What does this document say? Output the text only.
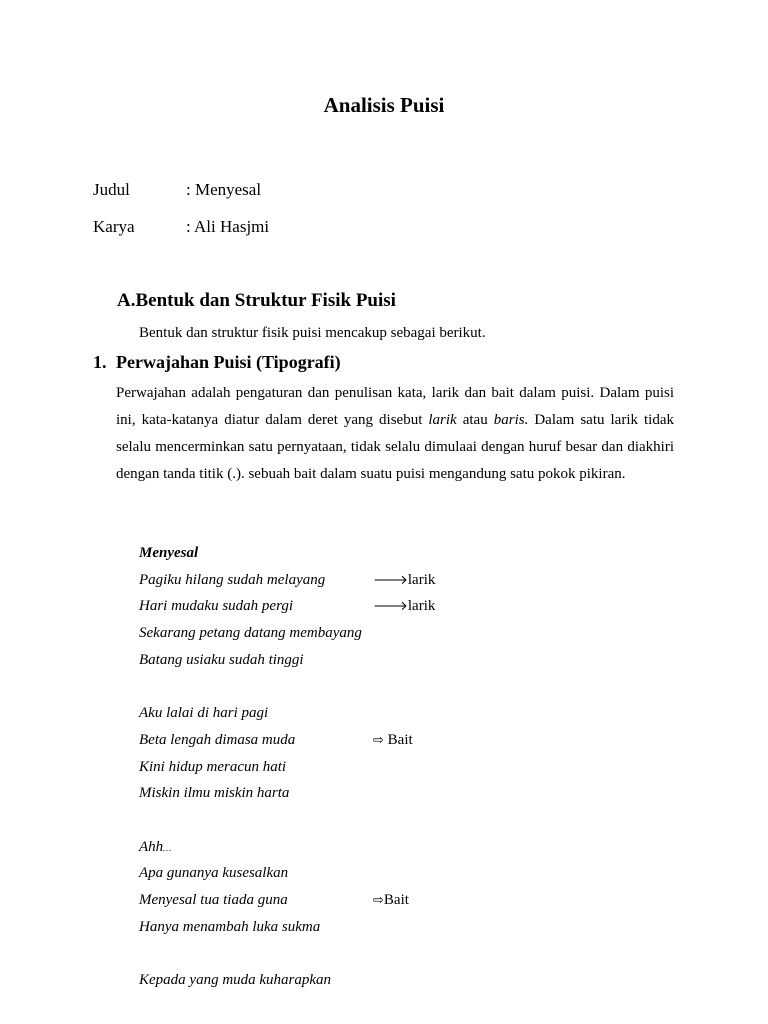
Analisis Puisi
Judul	: Menyesal
Karya	: Ali Hasjmi
A.Bentuk dan Struktur Fisik Puisi
Bentuk dan struktur fisik puisi mencakup sebagai berikut.
1. Perwajahan Puisi (Tipografi)
Perwajahan adalah pengaturan dan penulisan kata, larik dan bait dalam puisi. Dalam puisi ini, kata-katanya diatur dalam deret yang disebut larik atau baris. Dalam satu larik tidak selalu mencerminkan satu pernyataan, tidak selalu dimulaai dengan huruf besar dan diakhiri dengan tanda titik (.). sebuah bait dalam suatu puisi mengandung satu pokok pikiran.
Menyesal
Pagiku hilang sudah melayang	🡒larik
Hari mudaku sudah pergi	🡒larik
Sekarang petang datang membayang
Batang usiaku sudah tinggi
Aku lalai di hari pagi
Beta lengah dimasa muda	⇨ Bait
Kini hidup meracun hati
Miskin ilmu miskin harta
Ahh…
Apa gunanya kusesalkan
Menyesal tua tiada guna	⇨Bait
Hanya menambah luka sukma
Kepada yang muda kuharapkan
